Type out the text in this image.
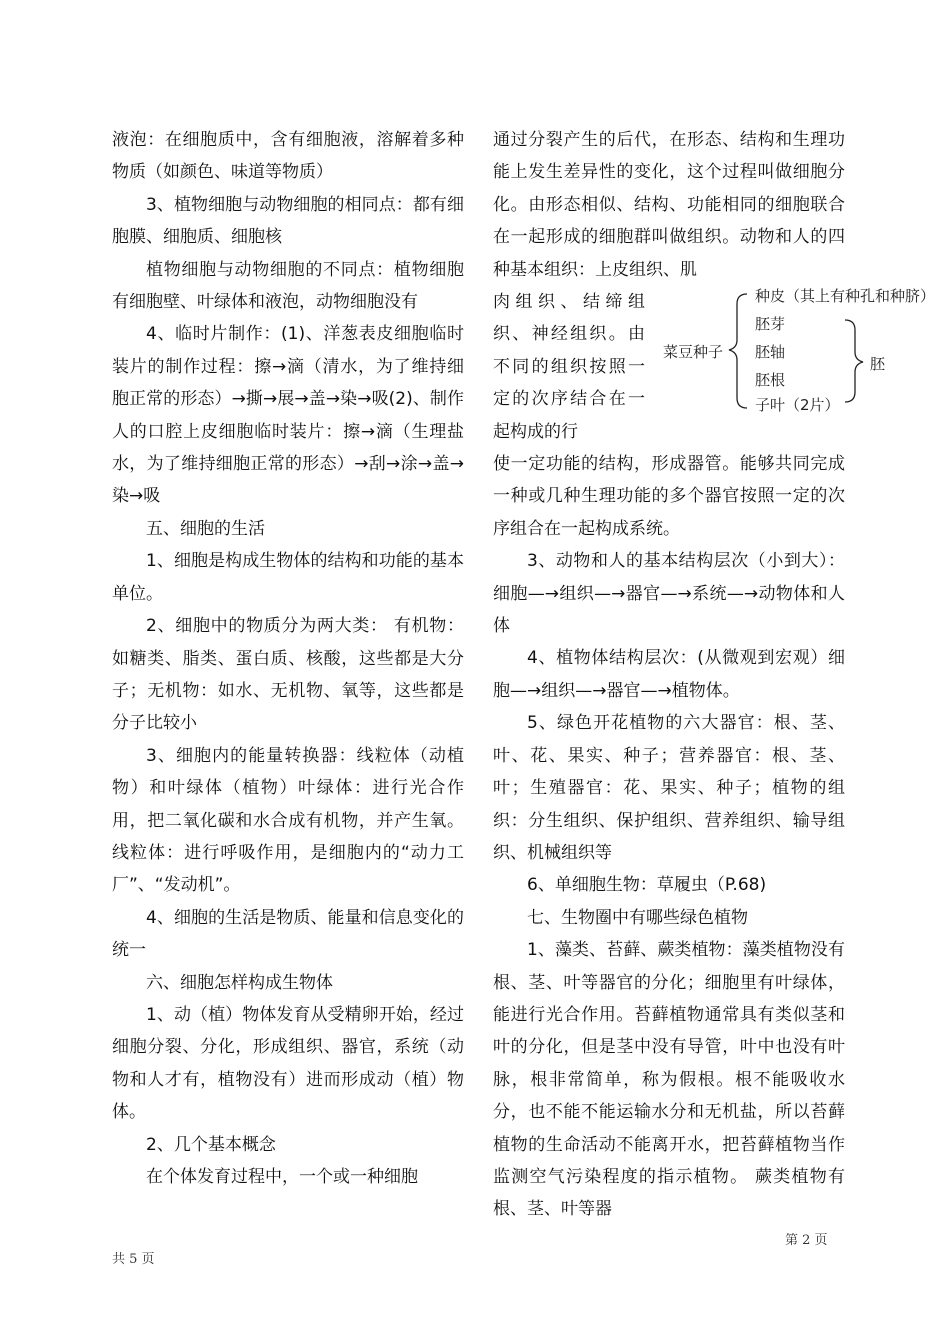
液泡：在细胞质中，含有细胞液，溶解着多种物质（如颜色、味道等物质）

3、植物细胞与动物细胞的相同点：都有细胞膜、细胞质、细胞核

植物细胞与动物细胞的不同点：植物细胞有细胞壁、叶绿体和液泡，动物细胞没有

4、临时片制作：(1)、洋葱表皮细胞临时装片的制作过程：擦→滴（清水，为了维持细胞正常的形态）→撕→展→盖→染→吸(2)、制作人的口腔上皮细胞临时装片：擦→滴（生理盐水，为了维持细胞正常的形态）→刮→涂→盖→染→吸

五、细胞的生活

1、细胞是构成生物体的结构和功能的基本单位。

2、细胞中的物质分为两大类： 有机物：如糖类、脂类、蛋白质、核酸，这些都是大分子；无机物：如水、无机物、氧等，这些都是分子比较小

3、细胞内的能量转换器：线粒体（动植物）和叶绿体（植物）叶绿体：进行光合作用，把二氧化碳和水合成有机物，并产生氧。 线粒体：进行呼吸作用，是细胞内的“动力工厂”、“发动机”。

4、细胞的生活是物质、能量和信息变化的统一

六、细胞怎样构成生物体

1、动（植）物体发育从受精卵开始，经过细胞分裂、分化，形成组织、器官，系统（动物和人才有，植物没有）进而形成动（植）物体。

2、几个基本概念

在个体发育过程中，一个或一种细胞

通过分裂产生的后代，在形态、结构和生理功能上发生差异性的变化，这个过程叫做细胞分化。由形态相似、结构、功能相同的细胞联合在一起形成的细胞群叫做组织。动物和人的四种基本组织：上皮组织、肌

肉组织、结缔组织、神经组织。由不同的组织按照一定的次序结合在一起构成的行

使一定功能的结构，形成器管。能够共同完成一种或几种生理功能的多个器官按照一定的次序组合在一起构成系统。

3、动物和人的基本结构层次（小到大）：细胞—→组织—→器官—→系统—→动物体和人体

4、植物体结构层次：(从微观到宏观）细胞—→组织—→器官—→植物体。

5、绿色开花植物的六大器官：根、茎、叶、花、果实、种子；营养器官：根、茎、叶；生殖器官：花、果实、种子；植物的组织：分生组织、保护组织、营养组织、输导组织、机械组织等

6、单细胞生物：草履虫（P.68)

七、生物圈中有哪些绿色植物

1、藻类、苔藓、蕨类植物：藻类植物没有根、茎、叶等器官的分化；细胞里有叶绿体，能进行光合作用。苔藓植物通常具有类似茎和叶的分化，但是茎中没有导管，叶中也没有叶脉，根非常简单，称为假根。根不能吸收水分，也不能不能运输水分和无机盐，所以苔藓植物的生命活动不能离开水，把苔藓植物当作监测空气污染程度的指示植物。 蕨类植物有根、茎、叶等器

菜豆种子
种皮（其上有种孔和种脐）
胚芽
胚轴
胚根
子叶（2片）
胚
共 5 页
第 2 页
